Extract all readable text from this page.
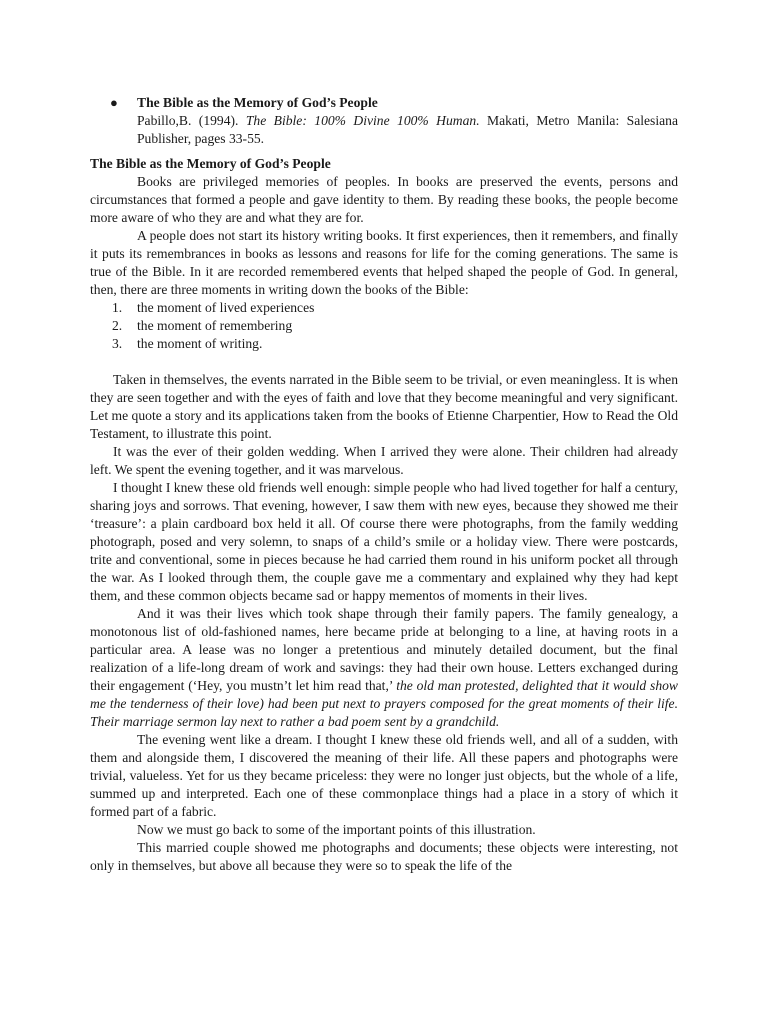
● The Bible as the Memory of God’s People
Pabillo,B. (1994). The Bible: 100% Divine 100% Human. Makati, Metro Manila: Salesiana Publisher, pages 33-55.
The Bible as the Memory of God’s People

Books are privileged memories of peoples. In books are preserved the events, persons and circumstances that formed a people and gave identity to them. By reading these books, the people become more aware of who they are and what they are for.

A people does not start its history writing books. It first experiences, then it remembers, and finally it puts its remembrances in books as lessons and reasons for life for the coming generations. The same is true of the Bible. In it are recorded remembered events that helped shaped the people of God. In general, then, there are three moments in writing down the books of the Bible:

1. the moment of lived experiences
2. the moment of remembering
3. the moment of writing.

Taken in themselves, the events narrated in the Bible seem to be trivial, or even meaningless. It is when they are seen together and with the eyes of faith and love that they become meaningful and very significant. Let me quote a story and its applications taken from the books of Etienne Charpentier, How to Read the Old Testament, to illustrate this point.

It was the ever of their golden wedding. When I arrived they were alone. Their children had already left. We spent the evening together, and it was marvelous.

I thought I knew these old friends well enough: simple people who had lived together for half a century, sharing joys and sorrows. That evening, however, I saw them with new eyes, because they showed me their ‘treasure’: a plain cardboard box held it all. Of course there were photographs, from the family wedding photograph, posed and very solemn, to snaps of a child’s smile or a holiday view. There were postcards, trite and conventional, some in pieces because he had carried them round in his uniform pocket all through the war. As I looked through them, the couple gave me a commentary and explained why they had kept them, and these common objects became sad or happy mementos of moments in their lives.

And it was their lives which took shape through their family papers. The family genealogy, a monotonous list of old-fashioned names, here became pride at belonging to a line, at having roots in a particular area. A lease was no longer a pretentious and minutely detailed document, but the final realization of a life-long dream of work and savings: they had their own house. Letters exchanged during their engagement (‘Hey, you mustn’t let him read that,’ the old man protested, delighted that it would show me the tenderness of their love) had been put next to prayers composed for the great moments of their life. Their marriage sermon lay next to rather a bad poem sent by a grandchild.

The evening went like a dream. I thought I knew these old friends well, and all of a sudden, with them and alongside them, I discovered the meaning of their life. All these papers and photographs were trivial, valueless. Yet for us they became priceless: they were no longer just objects, but the whole of a life, summed up and interpreted. Each one of these commonplace things had a place in a story of which it formed part of a fabric.

Now we must go back to some of the important points of this illustration.

This married couple showed me photographs and documents; these objects were interesting, not only in themselves, but above all because they were so to speak the life of the
